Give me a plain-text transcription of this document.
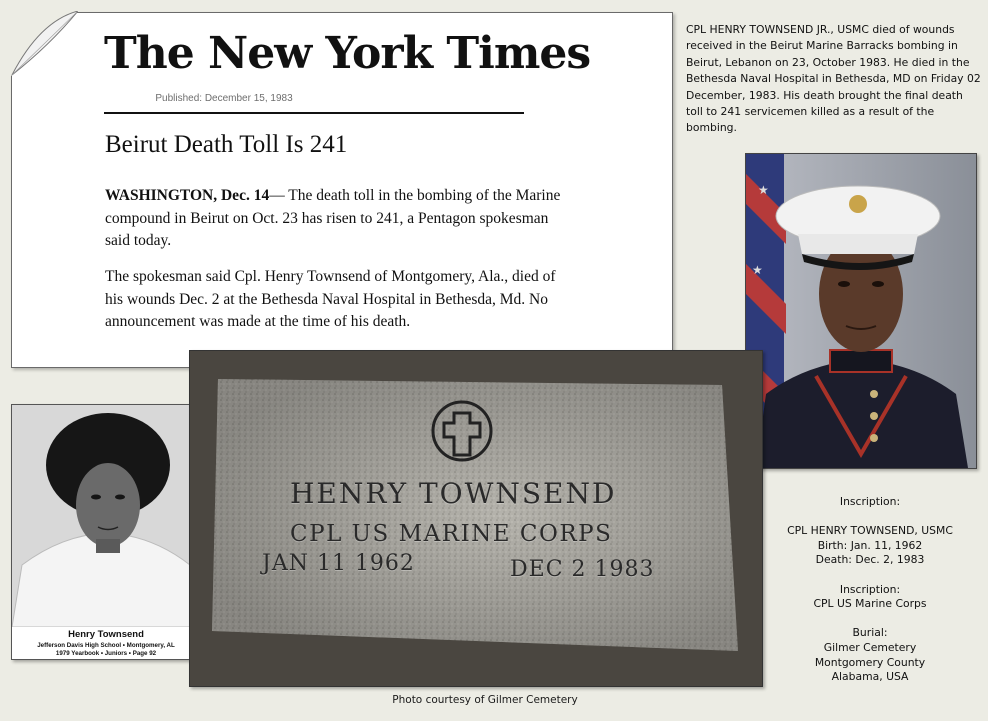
The New York Times
Published: December 15, 1983
Beirut Death Toll Is 241
WASHINGTON, Dec. 14— The death toll in the bombing of the Marine compound in Beirut on Oct. 23 has risen to 241, a Pentagon spokesman said today.
The spokesman said Cpl. Henry Townsend of Montgomery, Ala., died of his wounds Dec. 2 at the Bethesda Naval Hospital in Bethesda, Md. No announcement was made at the time of his death.
CPL HENRY TOWNSEND JR., USMC died of wounds received in the Beirut Marine Barracks bombing in Beirut, Lebanon on 23, October 1983. He died in the Bethesda Naval Hospital in Bethesda, MD on Friday 02 December, 1983. His death brought the final death toll to 241 servicemen killed as a result of the bombing.
★
★
Henry Townsend
Jefferson Davis High School • Montgomery, AL
1979 Yearbook • Juniors • Page 92
HENRY TOWNSEND
CPL US MARINE CORPS
JAN 11 1962	DEC 2 1983
Photo courtesy of Gilmer Cemetery
Inscription:
CPL HENRY TOWNSEND, USMC
Birth: Jan. 11, 1962
Death: Dec. 2, 1983
Inscription:
CPL US Marine Corps
Burial:
Gilmer Cemetery
Montgomery County
Alabama, USA
